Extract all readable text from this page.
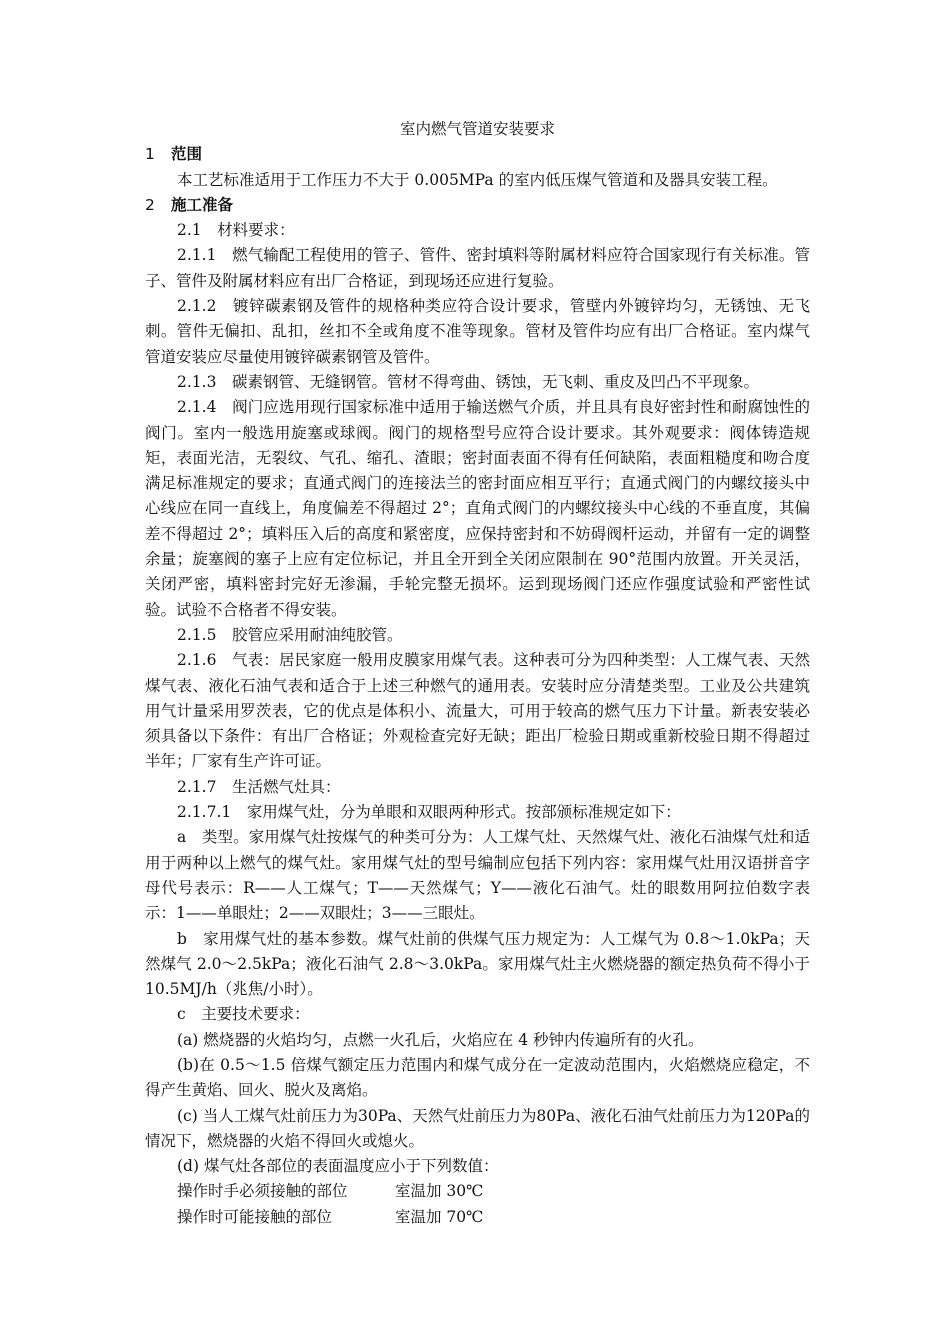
室内燃气管道安装要求
1 范围

本工艺标准适用于工作压力不大于 0.005MPa 的室内低压煤气管道和及器具安装工程。

2 施工准备

2.1　材料要求：

2.1.1　燃气输配工程使用的管子、管件、密封填料等附属材料应符合国家现行有关标准。管子、管件及附属材料应有出厂合格证，到现场还应进行复验。

2.1.2　镀锌碳素钢及管件的规格种类应符合设计要求，管壁内外镀锌均匀，无锈蚀、无飞刺。管件无偏扣、乱扣，丝扣不全或角度不准等现象。管材及管件均应有出厂合格证。室内煤气管道安装应尽量使用镀锌碳素钢管及管件。

2.1.3　碳素钢管、无缝钢管。管材不得弯曲、锈蚀，无飞刺、重皮及凹凸不平现象。

2.1.4　阀门应选用现行国家标准中适用于输送燃气介质，并且具有良好密封性和耐腐蚀性的阀门。室内一般选用旋塞或球阀。阀门的规格型号应符合设计要求。其外观要求：阀体铸造规矩，表面光洁，无裂纹、气孔、缩孔、渣眼；密封面表面不得有任何缺陷，表面粗糙度和吻合度满足标准规定的要求；直通式阀门的连接法兰的密封面应相互平行；直通式阀门的内螺纹接头中心线应在同一直线上，角度偏差不得超过 2°；直角式阀门的内螺纹接头中心线的不垂直度，其偏差不得超过 2°；填料压入后的高度和紧密度，应保持密封和不妨碍阀杆运动，并留有一定的调整余量；旋塞阀的塞子上应有定位标记，并且全开到全关闭应限制在 90°范围内放置。开关灵活，关闭严密，填料密封完好无渗漏，手轮完整无损坏。运到现场阀门还应作强度试验和严密性试验。试验不合格者不得安装。

2.1.5　胶管应采用耐油纯胶管。

2.1.6　气表：居民家庭一般用皮膜家用煤气表。这种表可分为四种类型：人工煤气表、天然煤气表、液化石油气表和适合于上述三种燃气的通用表。安装时应分清楚类型。工业及公共建筑用气计量采用罗茨表，它的优点是体积小、流量大，可用于较高的燃气压力下计量。新表安装必须具备以下条件：有出厂合格证；外观检查完好无缺；距出厂检验日期或重新校验日期不得超过半年；厂家有生产许可证。

2.1.7　生活燃气灶具：

2.1.7.1　家用煤气灶，分为单眼和双眼两种形式。按部颁标准规定如下：

a　类型。家用煤气灶按煤气的种类可分为：人工煤气灶、天然煤气灶、液化石油煤气灶和适用于两种以上燃气的煤气灶。家用煤气灶的型号编制应包括下列内容：家用煤气灶用汉语拼音字母代号表示：R——人工煤气；T——天然煤气；Y——液化石油气。灶的眼数用阿拉伯数字表示：1——单眼灶；2——双眼灶；3——三眼灶。

b　家用煤气灶的基本参数。煤气灶前的供煤气压力规定为：人工煤气为 0.8～1.0kPa；天然煤气 2.0～2.5kPa；液化石油气 2.8～3.0kPa。家用煤气灶主火燃烧器的额定热负荷不得小于 10.5MJ/h（兆焦/小时）。

c　主要技术要求：

(a) 燃烧器的火焰均匀，点燃一火孔后，火焰应在 4 秒钟内传遍所有的火孔。

(b)在 0.5～1.5 倍煤气额定压力范围内和煤气成分在一定波动范围内，火焰燃烧应稳定，不得产生黄焰、回火、脱火及离焰。

(c) 当人工煤气灶前压力为30Pa、天然气灶前压力为80Pa、液化石油气灶前压力为120Pa的情况下，燃烧器的火焰不得回火或熄火。

(d) 煤气灶各部位的表面温度应小于下列数值：

操作时手必须接触的部位	室温加 30℃
操作时可能接触的部位	室温加 70℃
